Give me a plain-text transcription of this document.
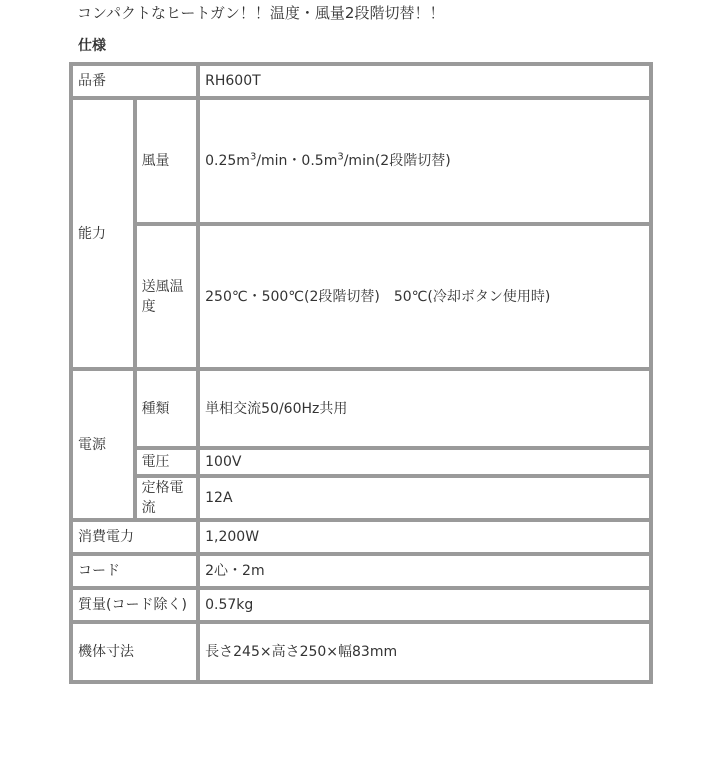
コンパクトなヒートガン！！温度・風量2段階切替！！
仕様
品番		RH600T
能力	風量	$0.25m^3/\min$・$0.5m^3/\min(2$段階切替)
	送風温度	250℃・500℃(2段階切替)　50℃(冷却ボタン使用時)
電源	種類	単相交流50/60Hz共用
	電圧	100V
	定格電流	12A
消費電力		1,200W
コード		2心・2m
質量(コード除く)		0.57kg
機体寸法		長さ245×高さ250×幅83mm
